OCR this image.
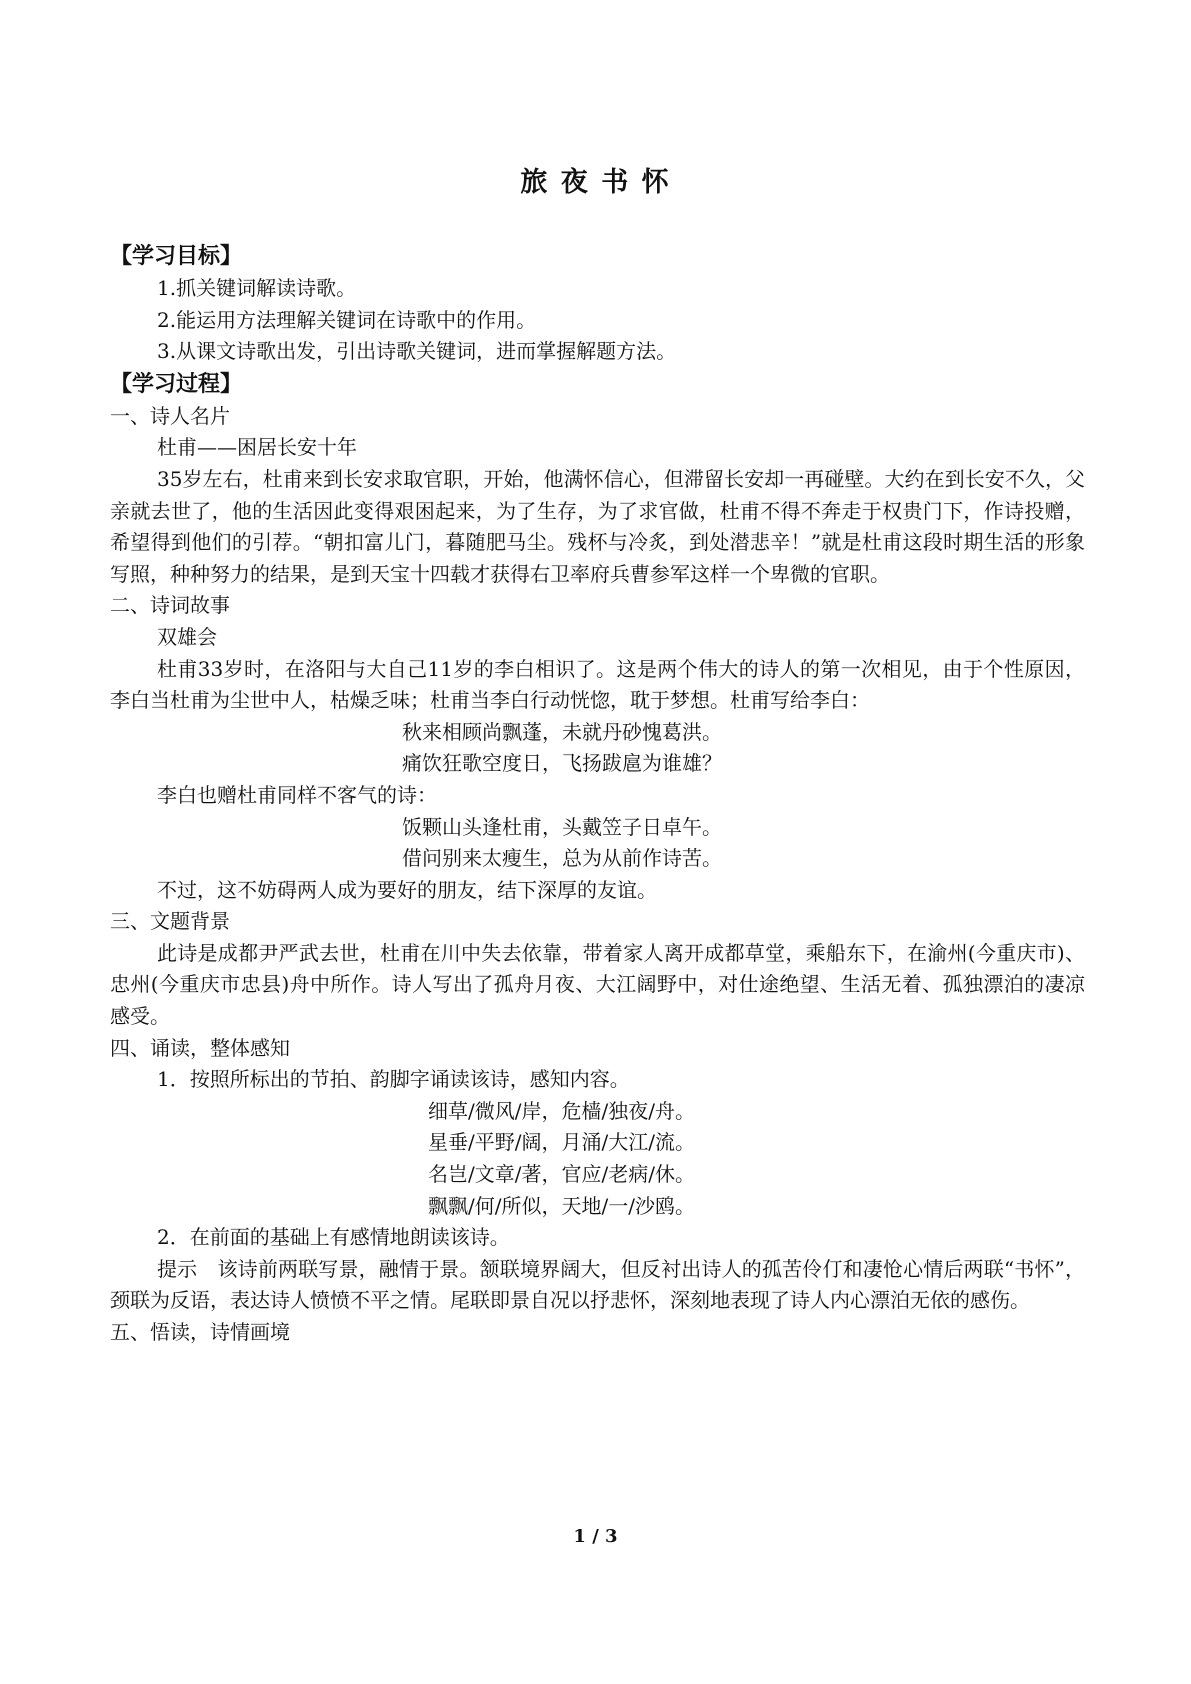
旅 夜 书 怀

【学习目标】

1.抓关键词解读诗歌。

2.能运用方法理解关键词在诗歌中的作用。

3.从课文诗歌出发，引出诗歌关键词，进而掌握解题方法。

【学习过程】

一、诗人名片

杜甫——困居长安十年

35岁左右，杜甫来到长安求取官职，开始，他满怀信心，但滞留长安却一再碰壁。大约在到长安不久，父亲就去世了，他的生活因此变得艰困起来，为了生存，为了求官做，杜甫不得不奔走于权贵门下，作诗投赠，希望得到他们的引荐。“朝扣富儿门，暮随肥马尘。残杯与冷炙，到处潜悲辛！”就是杜甫这段时期生活的形象写照，种种努力的结果，是到天宝十四载才获得右卫率府兵曹参军这样一个卑微的官职。

二、诗词故事

双雄会

杜甫33岁时，在洛阳与大自己11岁的李白相识了。这是两个伟大的诗人的第一次相见，由于个性原因，李白当杜甫为尘世中人，枯燥乏味；杜甫当李白行动恍惚，耽于梦想。杜甫写给李白：

秋来相顾尚飘蓬，未就丹砂愧葛洪。

痛饮狂歌空度日，飞扬跋扈为谁雄？

李白也赠杜甫同样不客气的诗：

饭颗山头逢杜甫，头戴笠子日卓午。

借问别来太瘦生，总为从前作诗苦。

不过，这不妨碍两人成为要好的朋友，结下深厚的友谊。

三、文题背景

此诗是成都尹严武去世，杜甫在川中失去依靠，带着家人离开成都草堂，乘船东下，在渝州(今重庆市)、忠州(今重庆市忠县)舟中所作。诗人写出了孤舟月夜、大江阔野中，对仕途绝望、生活无着、孤独漂泊的凄凉感受。

四、诵读，整体感知

1．按照所标出的节拍、韵脚字诵读该诗，感知内容。

细草/微风/岸，危樯/独夜/舟。

星垂/平野/阔，月涌/大江/流。

名岂/文章/著，官应/老病/休。

飘飘/何/所似，天地/一/沙鸥。

2．在前面的基础上有感情地朗读该诗。

提示　该诗前两联写景，融情于景。颔联境界阔大，但反衬出诗人的孤苦伶仃和凄怆心情后两联“书怀”，颈联为反语，表达诗人愤愤不平之情。尾联即景自况以抒悲怀，深刻地表现了诗人内心漂泊无依的感伤。

五、悟读，诗情画境

1 / 3
